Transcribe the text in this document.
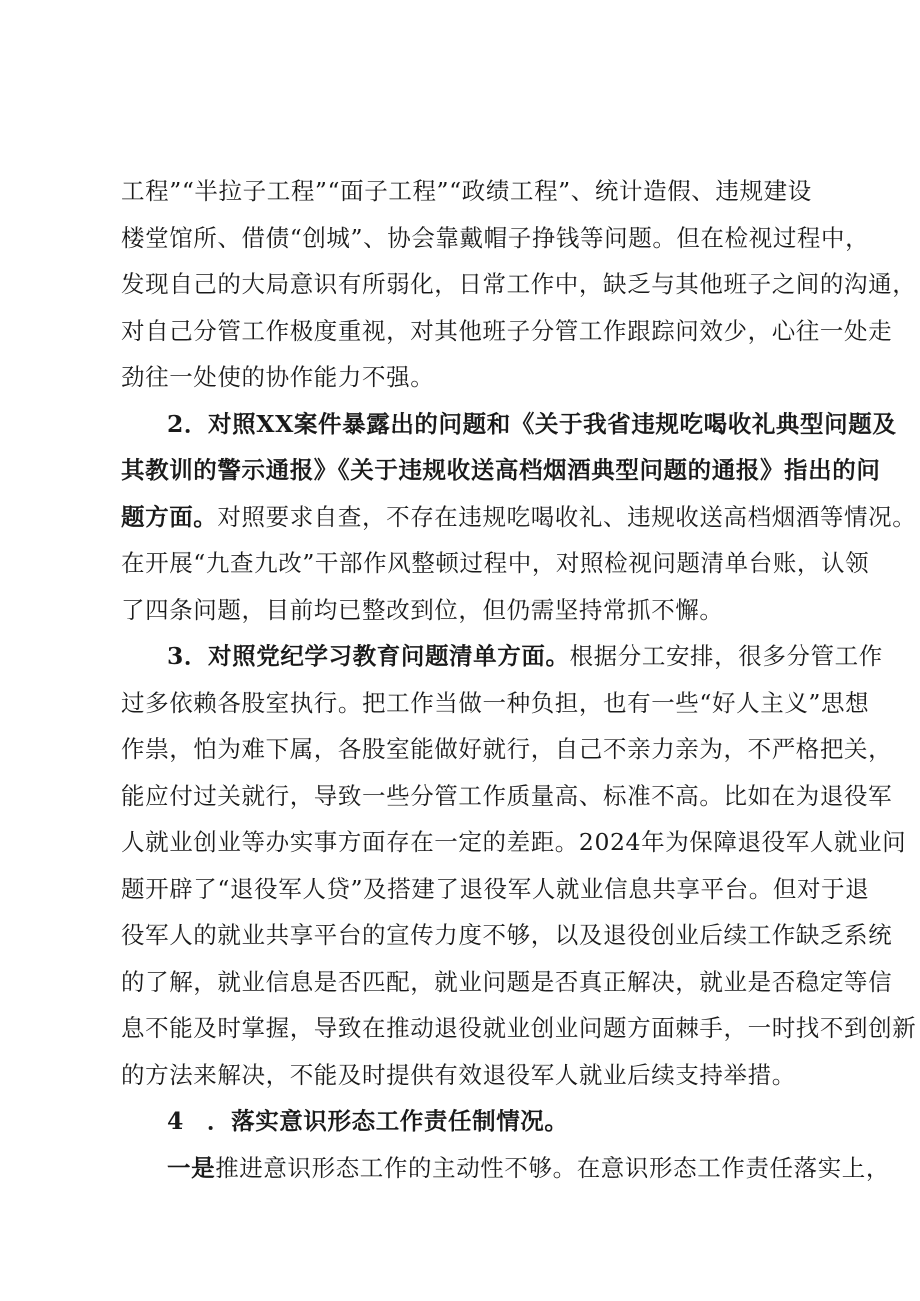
工程”“半拉子工程”“面子工程”“政绩工程”、统计造假、违规建设
楼堂馆所、借债“创城”、协会靠戴帽子挣钱等问题。但在检视过程中，
发现自己的大局意识有所弱化，日常工作中，缺乏与其他班子之间的沟通，
对自己分管工作极度重视，对其他班子分管工作跟踪问效少，心往一处走
劲往一处使的协作能力不强。
2．对照XX案件暴露出的问题和《关于我省违规吃喝收礼典型问题及
其教训的警示通报》《关于违规收送高档烟酒典型问题的通报》指出的问
题方面。对照要求自查，不存在违规吃喝收礼、违规收送高档烟酒等情况。
在开展“九查九改”干部作风整顿过程中，对照检视问题清单台账，认领
了四条问题，目前均已整改到位，但仍需坚持常抓不懈。
3．对照党纪学习教育问题清单方面。根据分工安排，很多分管工作
过多依赖各股室执行。把工作当做一种负担，也有一些“好人主义”思想
作祟，怕为难下属，各股室能做好就行，自己不亲力亲为，不严格把关，
能应付过关就行，导致一些分管工作质量高、标准不高。比如在为退役军
人就业创业等办实事方面存在一定的差距。2024年为保障退役军人就业问
题开辟了“退役军人贷”及搭建了退役军人就业信息共享平台。但对于退
役军人的就业共享平台的宣传力度不够，以及退役创业后续工作缺乏系统
的了解，就业信息是否匹配，就业问题是否真正解决，就业是否稳定等信
息不能及时掌握，导致在推动退役就业创业问题方面棘手，一时找不到创新
的方法来解决，不能及时提供有效退役军人就业后续支持举措。
4 ．落实意识形态工作责任制情况。
一是推进意识形态工作的主动性不够。在意识形态工作责任落实上，
